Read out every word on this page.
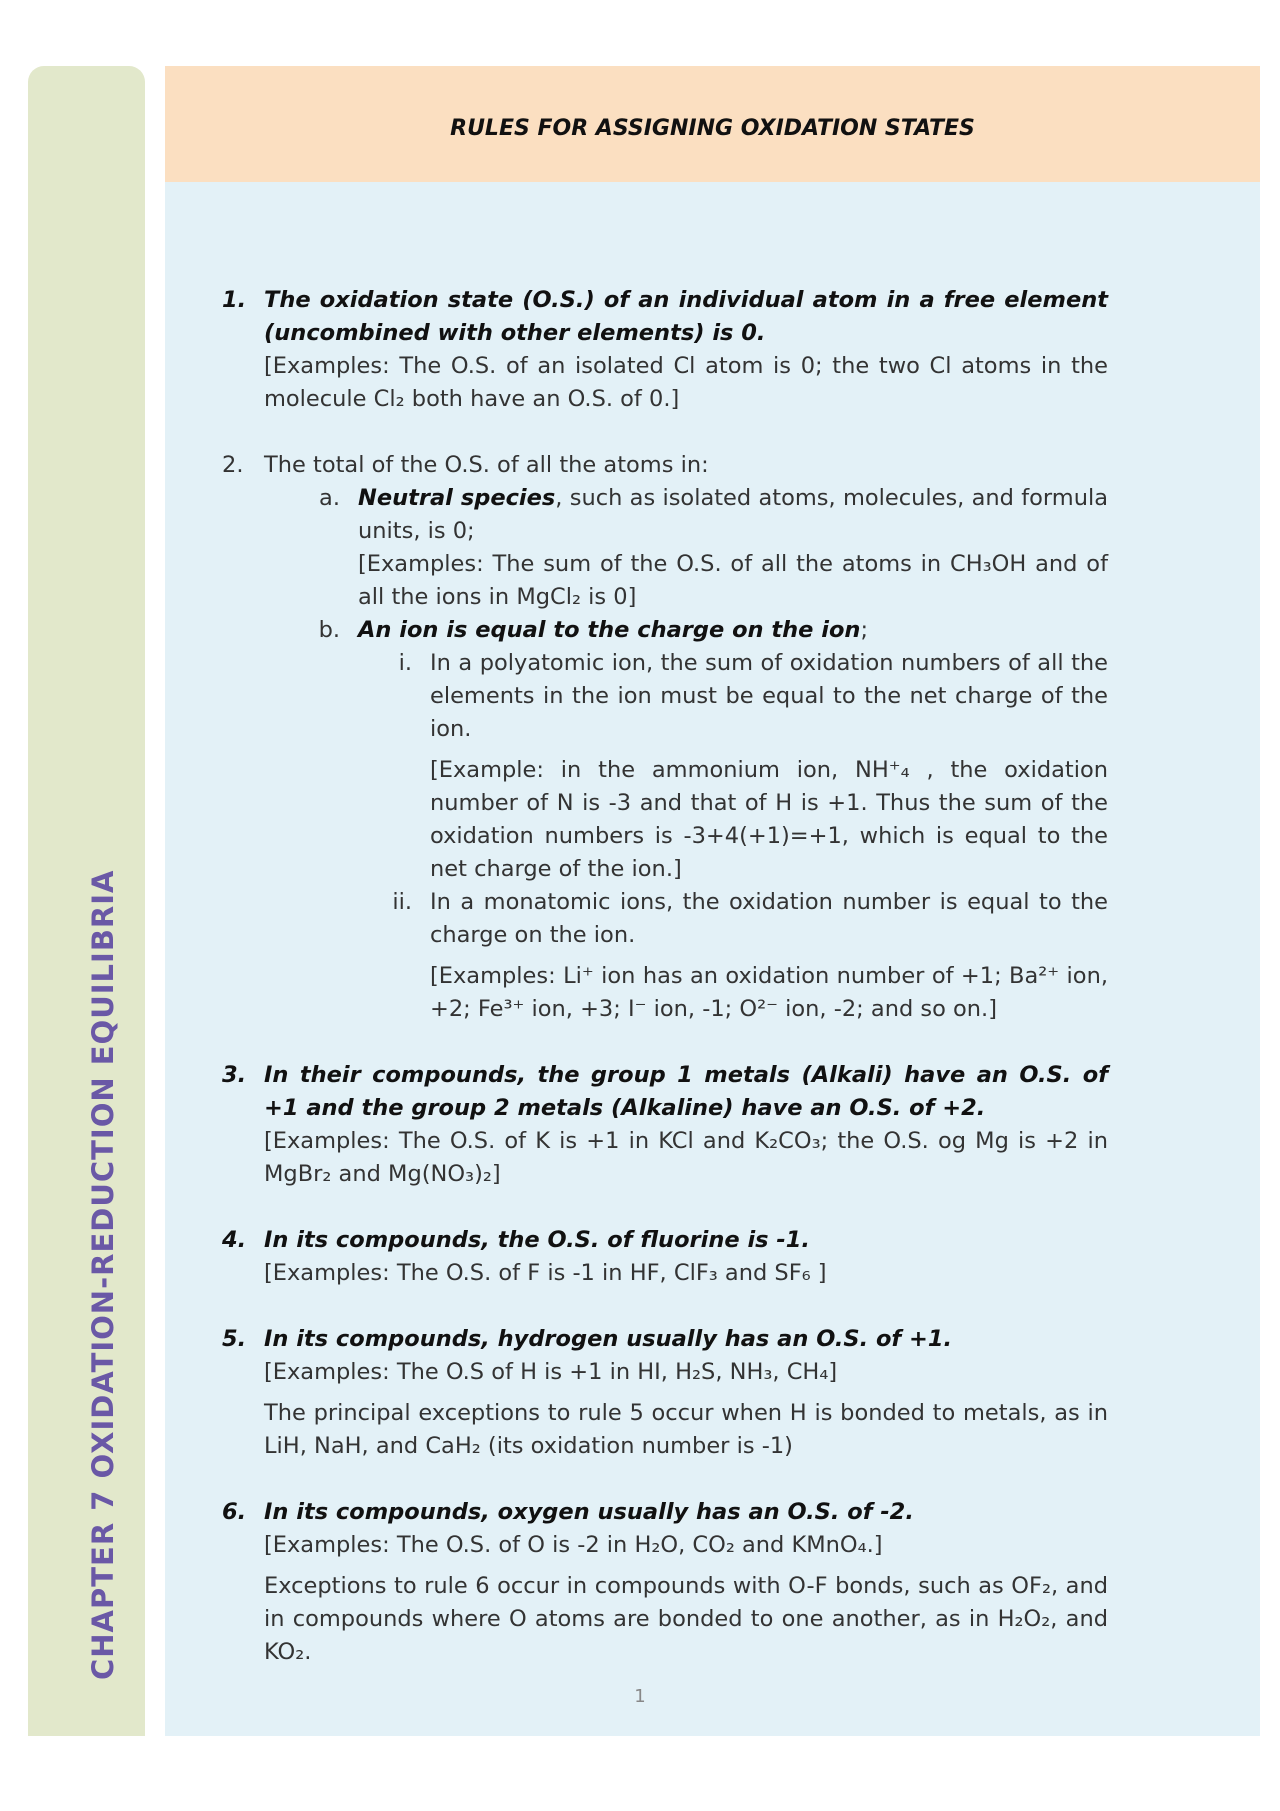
CHAPTER 7 OXIDATION-REDUCTION EQUILIBRIA
RULES FOR ASSIGNING OXIDATION STATES
1. The oxidation state (O.S.) of an individual atom in a free element (uncombined with other elements) is 0.
[Examples: The O.S. of an isolated Cl atom is 0; the two Cl atoms in the molecule Cl₂ both have an O.S. of 0.]
2. The total of the O.S. of all the atoms in:
a. Neutral species, such as isolated atoms, molecules, and formula units, is 0;
[Examples: The sum of the O.S. of all the atoms in CH₃OH and of all the ions in MgCl₂ is 0]
b. An ion is equal to the charge on the ion;
i. In a polyatomic ion, the sum of oxidation numbers of all the elements in the ion must be equal to the net charge of the ion.
[Example: in the ammonium ion, NH⁺₄ , the oxidation number of N is -3 and that of H is +1. Thus the sum of the oxidation numbers is -3+4(+1)=+1, which is equal to the net charge of the ion.]
ii. In a monatomic ions, the oxidation number is equal to the charge on the ion.
[Examples: Li⁺ ion has an oxidation number of +1; Ba²⁺ ion, +2; Fe³⁺ ion, +3; I⁻ ion, -1; O²⁻ ion, -2; and so on.]
3. In their compounds, the group 1 metals (Alkali) have an O.S. of +1 and the group 2 metals (Alkaline) have an O.S. of +2.
[Examples: The O.S. of K is +1 in KCl and K₂CO₃; the O.S. og Mg is +2 in MgBr₂ and Mg(NO₃)₂]
4. In its compounds, the O.S. of fluorine is -1.
[Examples: The O.S. of F is -1 in HF, ClF₃ and SF₆ ]
5. In its compounds, hydrogen usually has an O.S. of +1.
[Examples: The O.S of H is +1 in HI, H₂S, NH₃, CH₄]
The principal exceptions to rule 5 occur when H is bonded to metals, as in LiH, NaH, and CaH₂ (its oxidation number is -1)
6. In its compounds, oxygen usually has an O.S. of -2.
[Examples: The O.S. of O is -2 in H₂O, CO₂ and KMnO₄.]
Exceptions to rule 6 occur in compounds with O-F bonds, such as OF₂, and in compounds where O atoms are bonded to one another, as in H₂O₂, and KO₂.
1
